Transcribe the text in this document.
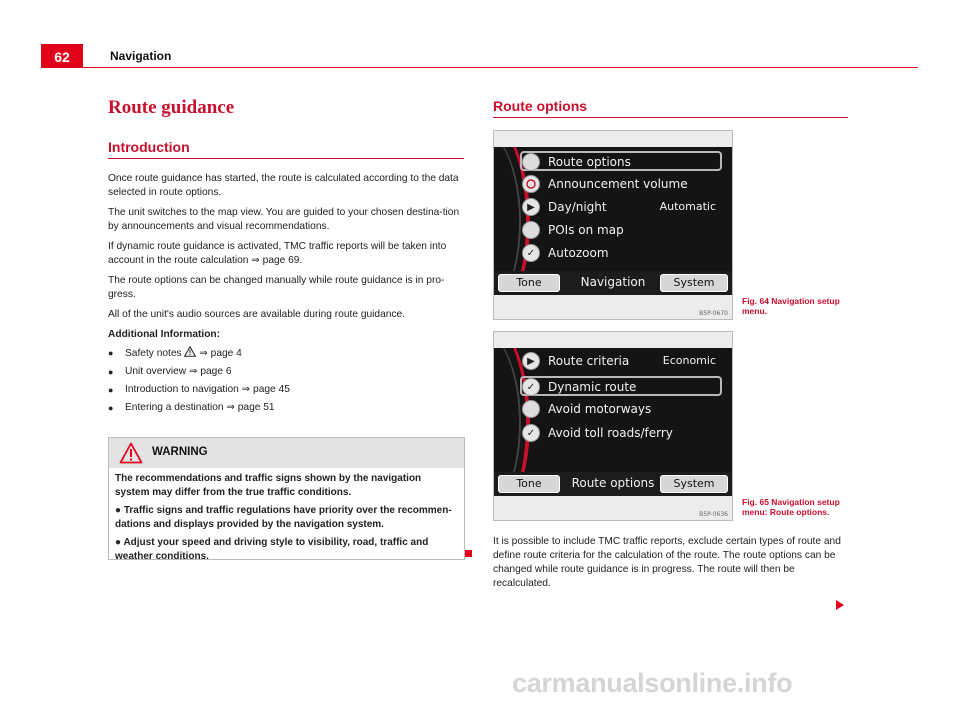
62	Navigation
Route guidance
Introduction

Once route guidance has started, the route is calculated according to the data selected in route options.

The unit switches to the map view. You are guided to your chosen destina-tion by announcements and visual recommendations.

If dynamic route guidance is activated, TMC traffic reports will be taken into account in the route calculation ⇒ page 69.

The route options can be changed manually while route guidance is in pro-gress.

All of the unit's audio sources are available during route guidance.

Additional Information:

● Safety notes  ⇒ page 4
● Unit overview ⇒ page 6
● Introduction to navigation ⇒ page 45
● Entering a destination ⇒ page 51
WARNING

The recommendations and traffic signs shown by the navigation system may differ from the true traffic conditions.

● Traffic signs and traffic regulations have priority over the recommen-dations and displays provided by the navigation system.

● Adjust your speed and driving style to visibility, road, traffic and weather conditions.

Route options
Route options
Announcement volume
▶	Day/night	Automatic
POIs on map
✓	Autozoom
Tone	Navigation	System
B5P-0670
Fig. 64 Navigation setup menu.
▶	Route criteria	Economic
✓	Dynamic route
Avoid motorways
✓	Avoid toll roads/ferry
Tone	Route options	System
B5P-0636
Fig. 65 Navigation setup menu: Route options.

It is possible to include TMC traffic reports, exclude certain types of route and define route criteria for the calculation of the route. The route options can be changed while route guidance is in progress. The route will then be recalculated.

carmanualsonline.info
